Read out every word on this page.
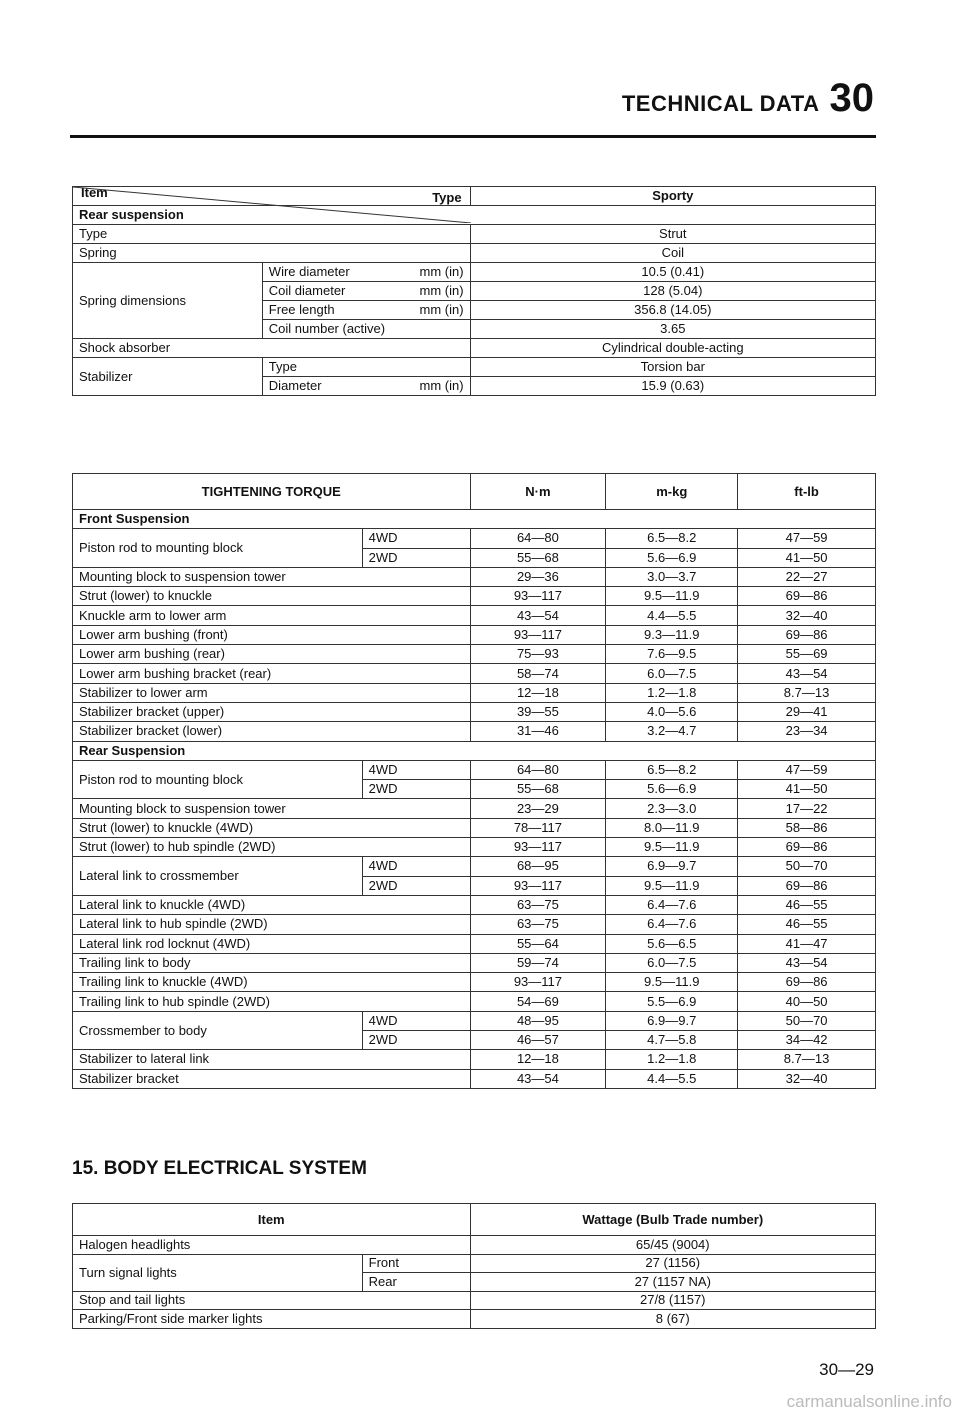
TECHNICAL DATA 30
Item Type		Sporty
Rear suspension		
Type		Strut
Spring		Coil
Spring dimensions	Wire diameter mm (in)	10.5 (0.41)

	Coil diameter mm (in)	128 (5.04)

	Free length mm (in)	356.8 (14.05)
	Coil number (active)	3.65
Shock absorber		Cylindrical double-acting
Stabilizer	Type	Torsion bar

	Diameter mm (in)	15.9 (0.63)
TIGHTENING TORQUE		N·m	m-kg	ft-lb
Front Suspension				
Piston rod to mounting block	4WD	64—80	6.5—8.2	47—59
	2WD	55—68	5.6—6.9	41—50
Mounting block to suspension tower		29—36	3.0—3.7	22—27
Strut (lower) to knuckle		93—117	9.5—11.9	69—86
Knuckle arm to lower arm		43—54	4.4—5.5	32—40
Lower arm bushing (front)		93—117	9.3—11.9	69—86
Lower arm bushing (rear)		75—93	7.6—9.5	55—69
Lower arm bushing bracket (rear)		58—74	6.0—7.5	43—54
Stabilizer to lower arm		12—18	1.2—1.8	8.7—13
Stabilizer bracket (upper)		39—55	4.0—5.6	29—41
Stabilizer bracket (lower)		31—46	3.2—4.7	23—34
Rear Suspension				
Piston rod to mounting block	4WD	64—80	6.5—8.2	47—59
	2WD	55—68	5.6—6.9	41—50
Mounting block to suspension tower		23—29	2.3—3.0	17—22
Strut (lower) to knuckle (4WD)		78—117	8.0—11.9	58—86
Strut (lower) to hub spindle (2WD)		93—117	9.5—11.9	69—86
Lateral link to crossmember	4WD	68—95	6.9—9.7	50—70
	2WD	93—117	9.5—11.9	69—86
Lateral link to knuckle (4WD)		63—75	6.4—7.6	46—55
Lateral link to hub spindle (2WD)		63—75	6.4—7.6	46—55
Lateral link rod locknut (4WD)		55—64	5.6—6.5	41—47
Trailing link to body		59—74	6.0—7.5	43—54
Trailing link to knuckle (4WD)		93—117	9.5—11.9	69—86
Trailing link to hub spindle (2WD)		54—69	5.5—6.9	40—50
Crossmember to body	4WD	48—95	6.9—9.7	50—70
	2WD	46—57	4.7—5.8	34—42
Stabilizer to lateral link		12—18	1.2—1.8	8.7—13
Stabilizer bracket		43—54	4.4—5.5	32—40
15. BODY ELECTRICAL SYSTEM
Item		Wattage (Bulb Trade number)
Halogen headlights		65/45 (9004)
Turn signal lights	Front	27 (1156)
	Rear	27 (1157 NA)
Stop and tail lights		27/8 (1157)
Parking/Front side marker lights		8 (67)
30—29
carmanualsonline.info
